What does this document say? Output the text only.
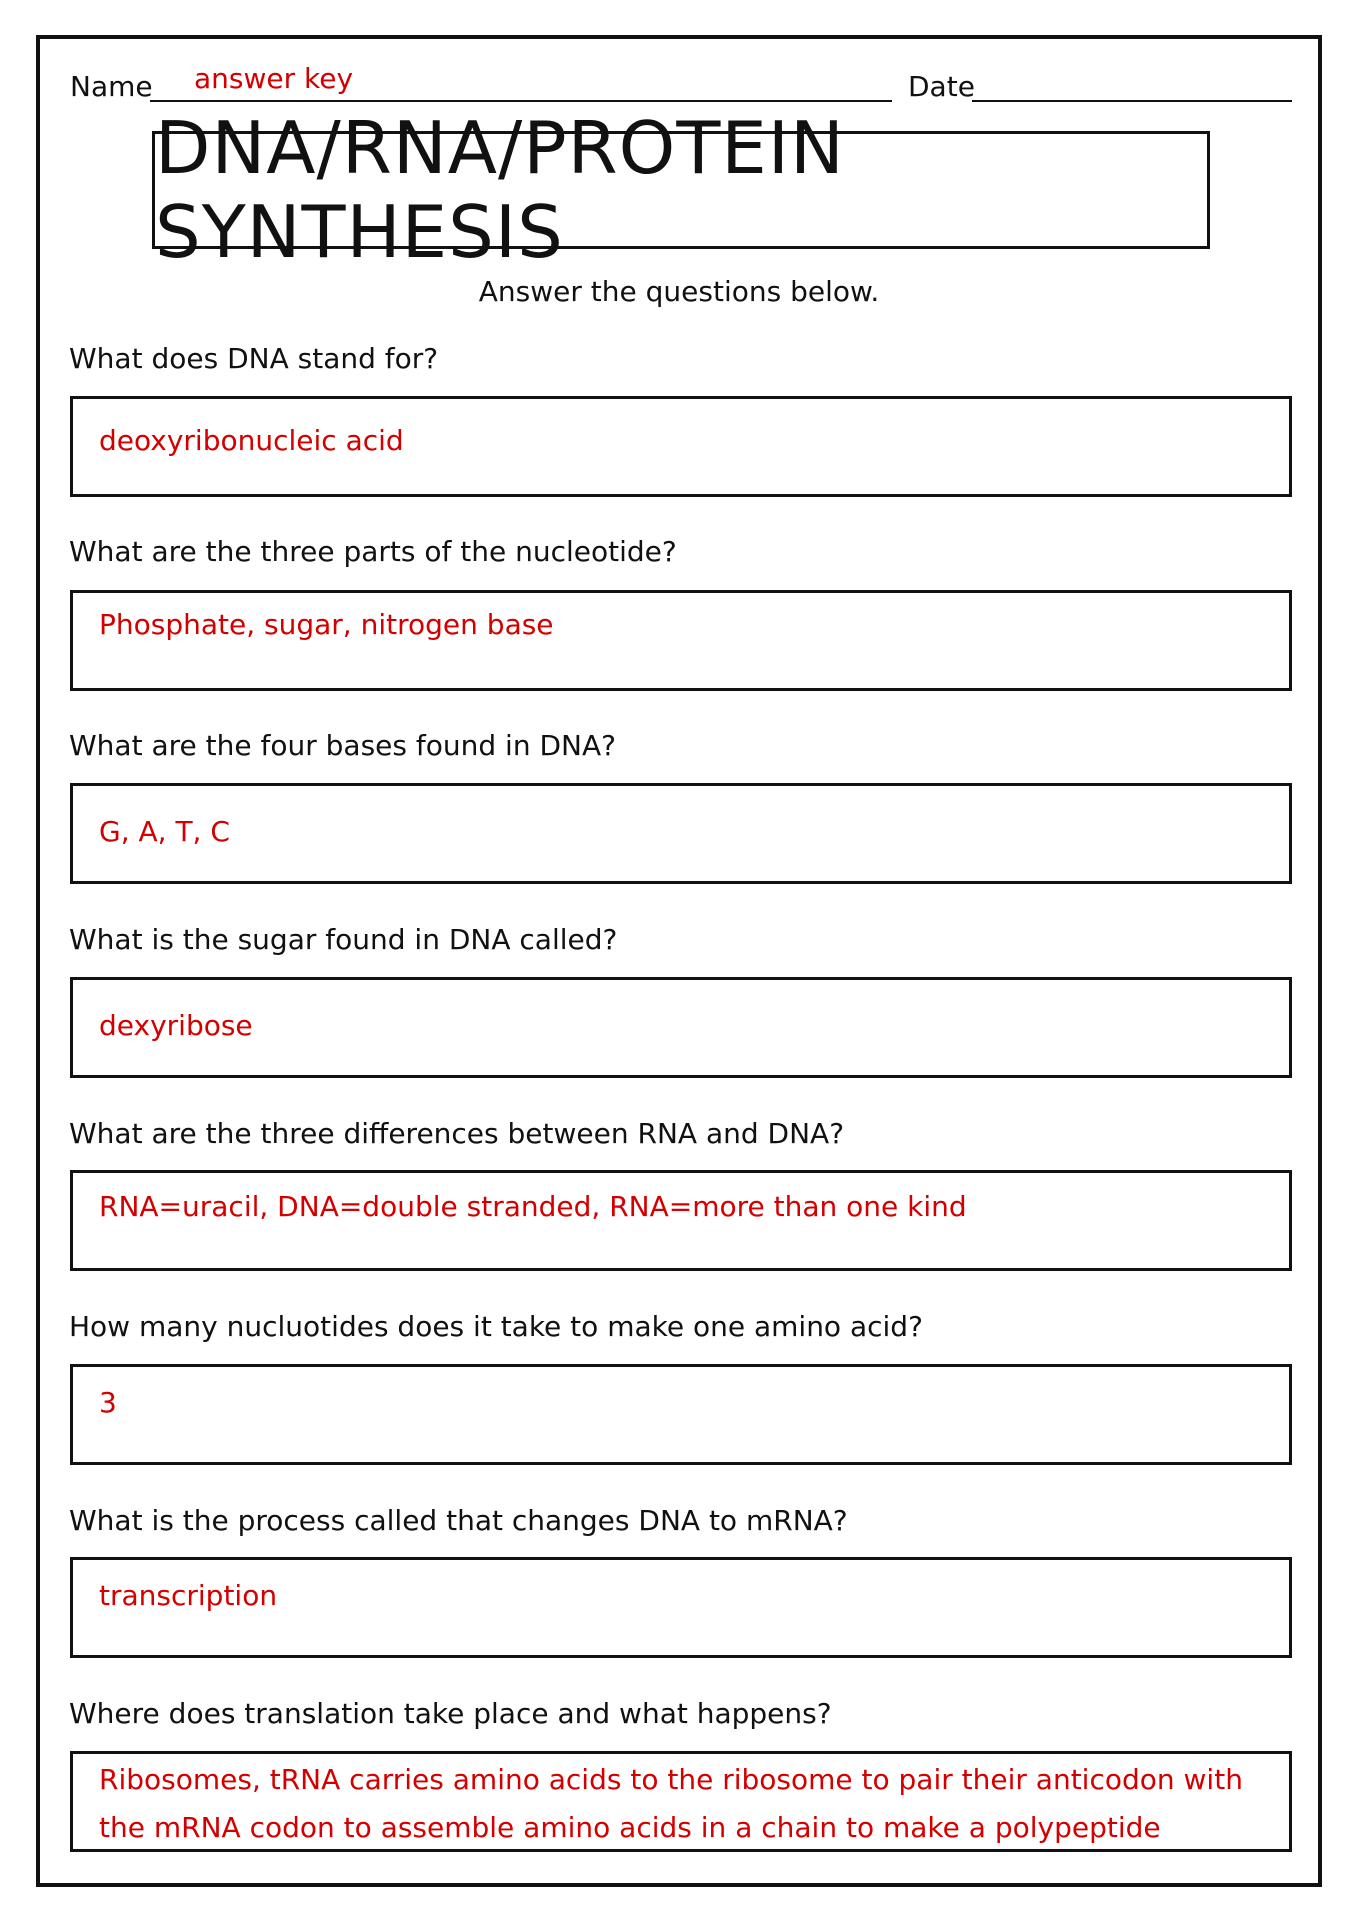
Name answer key	Date
DNA/RNA/PROTEIN SYNTHESIS
Answer the questions below.
What does DNA stand for?
deoxyribonucleic acid
What are the three parts of the nucleotide?
Phosphate, sugar, nitrogen base
What are the four bases found in DNA?
G, A, T, C
What is the sugar found in DNA called?
dexyribose
What are the three differences between RNA and DNA?
RNA=uracil, DNA=double stranded, RNA=more than one kind
How many nucluotides does it take to make one amino acid?
3
What is the process called that changes DNA to mRNA?
transcription
Where does translation take place and what happens?
Ribosomes, tRNA carries amino acids to the ribosome to pair their anticodon with the mRNA codon to assemble amino acids in a chain to make a polypeptide
